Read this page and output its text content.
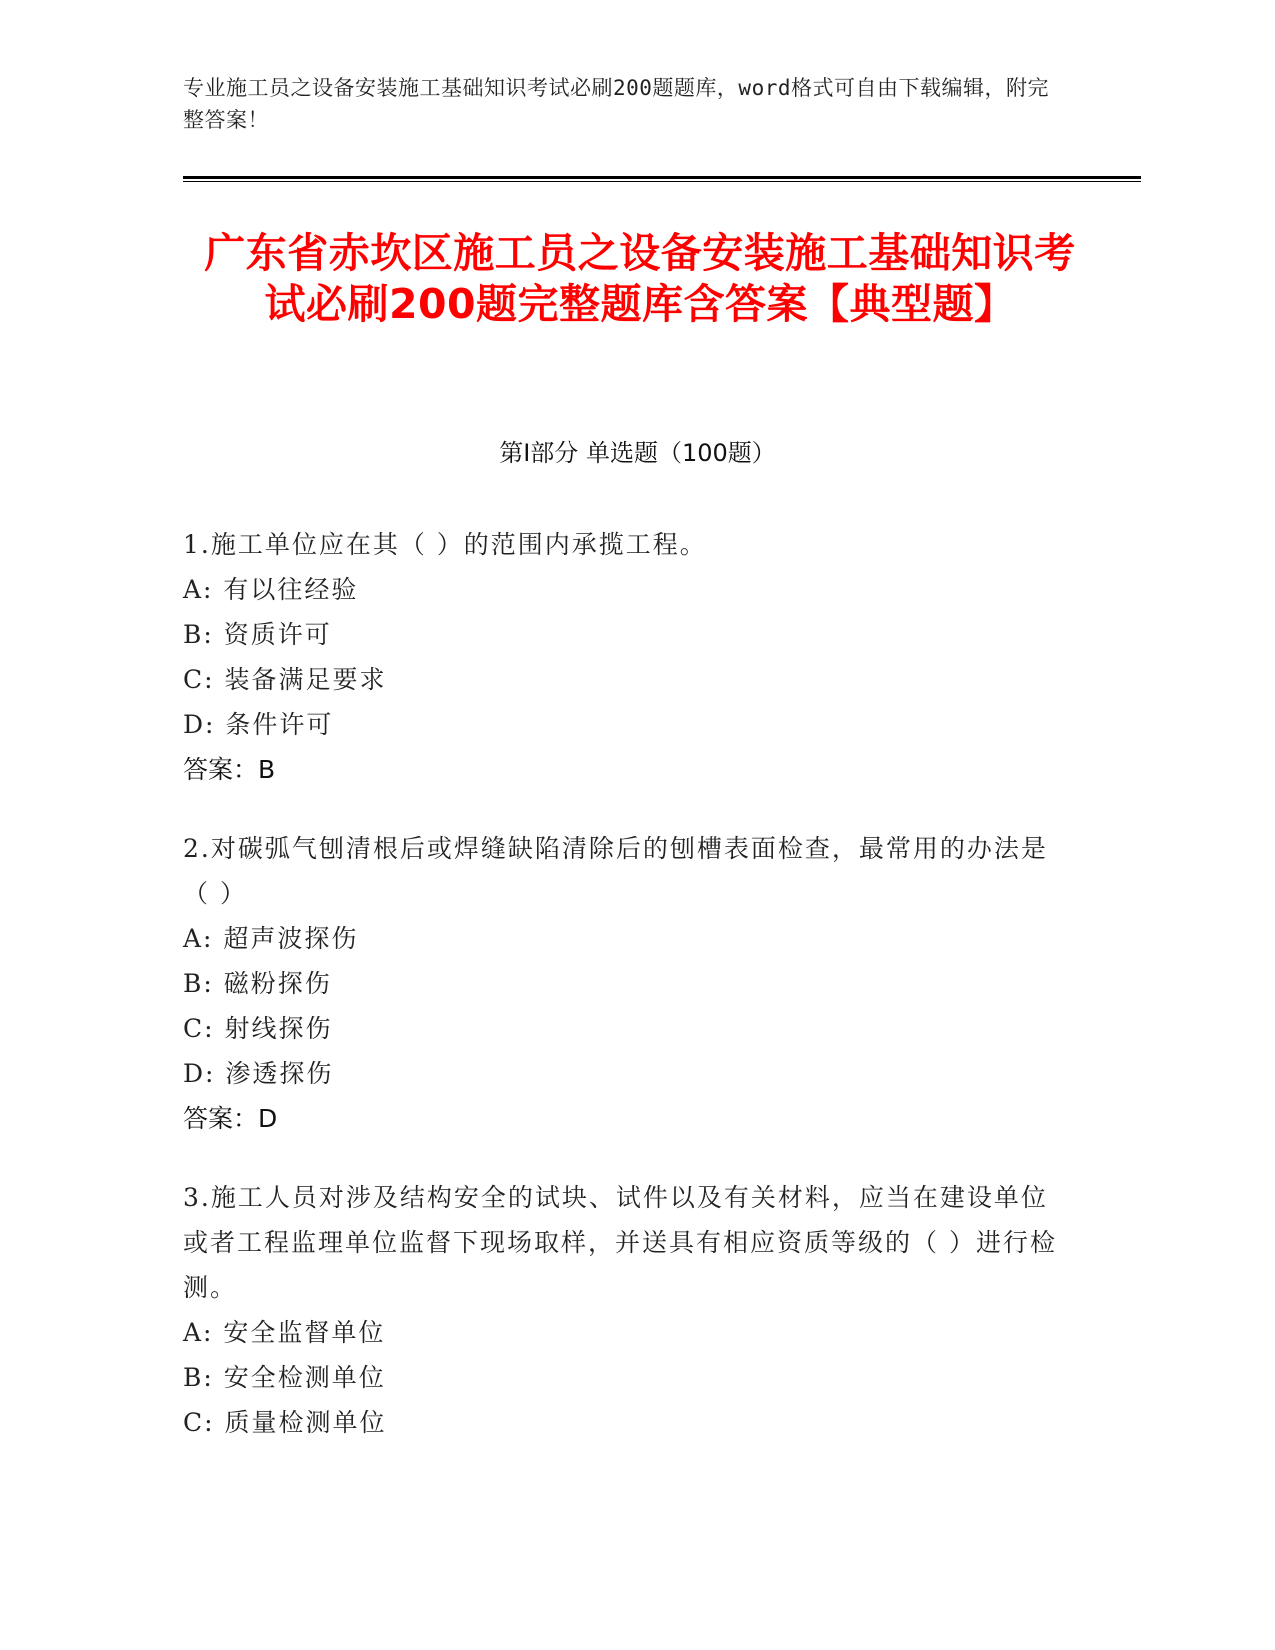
专业施工员之设备安装施工基础知识考试必刷200题题库，word格式可自由下载编辑，附完整答案！
广东省赤坎区施工员之设备安装施工基础知识考试必刷200题完整题库含答案【典型题】
第Ⅰ部分 单选题（100题）
1.施工单位应在其（ ）的范围内承揽工程。
A: 有以往经验
B: 资质许可
C: 装备满足要求
D: 条件许可
答案：B
2.对碳弧气刨清根后或焊缝缺陷清除后的刨槽表面检查，最常用的办法是（ ）
A: 超声波探伤
B: 磁粉探伤
C: 射线探伤
D: 渗透探伤
答案：D
3.施工人员对涉及结构安全的试块、试件以及有关材料，应当在建设单位或者工程监理单位监督下现场取样，并送具有相应资质等级的（ ）进行检测。
A: 安全监督单位
B: 安全检测单位
C: 质量检测单位
